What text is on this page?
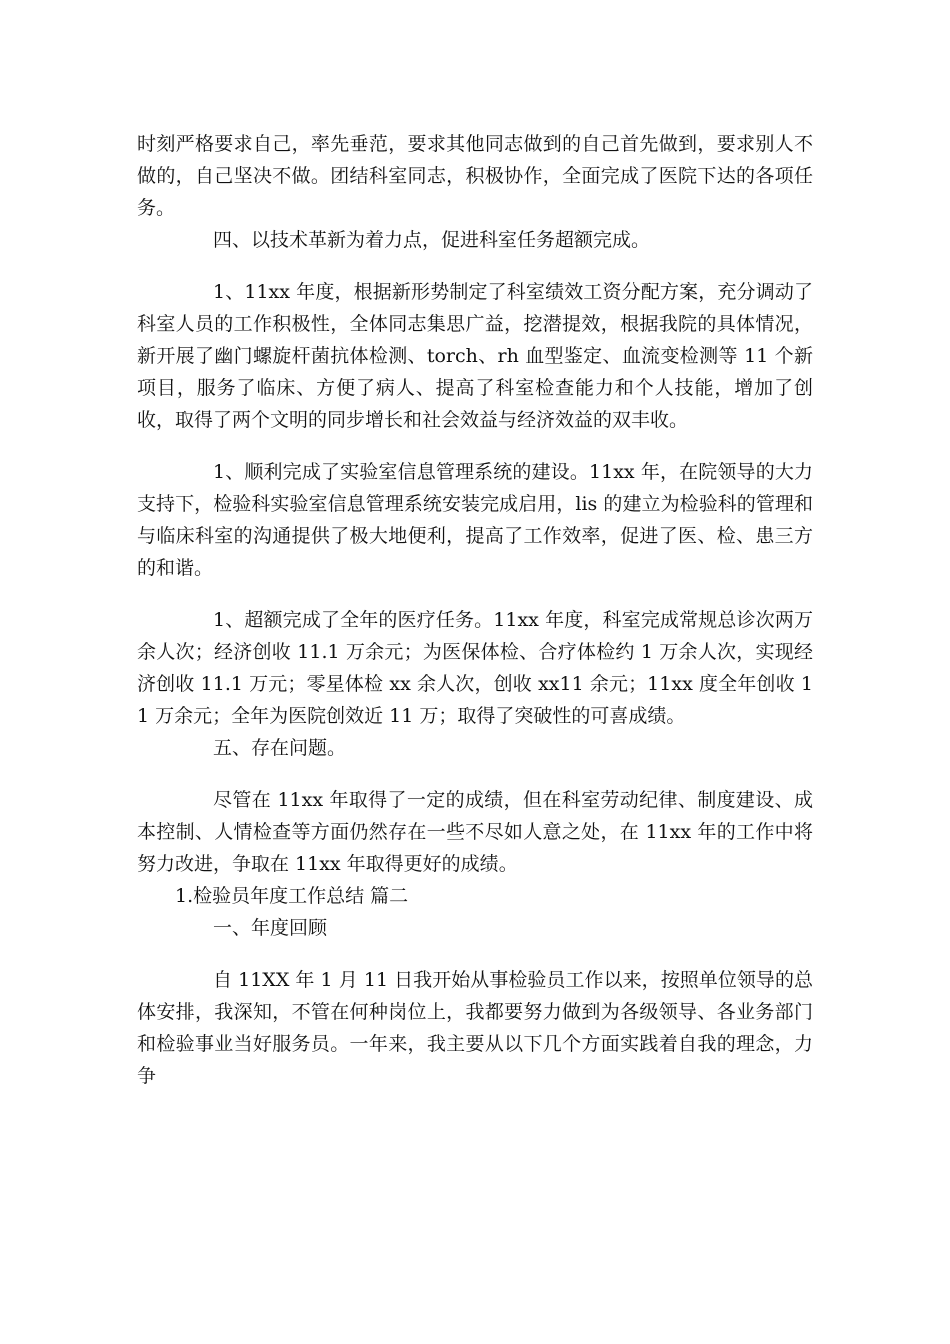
时刻严格要求自己，率先垂范，要求其他同志做到的自己首先做到，要求别人不做的，自己坚决不做。团结科室同志，积极协作，全面完成了医院下达的各项任务。

四、以技术革新为着力点，促进科室任务超额完成。

1、11xx 年度，根据新形势制定了科室绩效工资分配方案，充分调动了科室人员的工作积极性，全体同志集思广益，挖潜提效，根据我院的具体情况，新开展了幽门螺旋杆菌抗体检测、torch、rh 血型鉴定、血流变检测等 11 个新项目，服务了临床、方便了病人、提高了科室检查能力和个人技能，增加了创收，取得了两个文明的同步增长和社会效益与经济效益的双丰收。

1、顺利完成了实验室信息管理系统的建设。11xx 年，在院领导的大力支持下，检验科实验室信息管理系统安装完成启用，lis 的建立为检验科的管理和与临床科室的沟通提供了极大地便利，提高了工作效率，促进了医、检、患三方的和谐。

1、超额完成了全年的医疗任务。11xx 年度，科室完成常规总诊次两万余人次；经济创收 11.1 万余元；为医保体检、合疗体检约 1 万余人次，实现经济创收 11.1 万元；零星体检 xx 余人次，创收 xx11 余元；11xx 度全年创收 11 万余元；全年为医院创效近 11 万；取得了突破性的可喜成绩。

五、存在问题。

尽管在 11xx 年取得了一定的成绩，但在科室劳动纪律、制度建设、成本控制、人情检查等方面仍然存在一些不尽如人意之处，在 11xx 年的工作中将努力改进，争取在 11xx 年取得更好的成绩。

1.检验员年度工作总结 篇二

一、年度回顾

自 11XX 年 1 月 11 日我开始从事检验员工作以来，按照单位领导的总体安排，我深知，不管在何种岗位上，我都要努力做到为各级领导、各业务部门和检验事业当好服务员。一年来，我主要从以下几个方面实践着自我的理念，力争
